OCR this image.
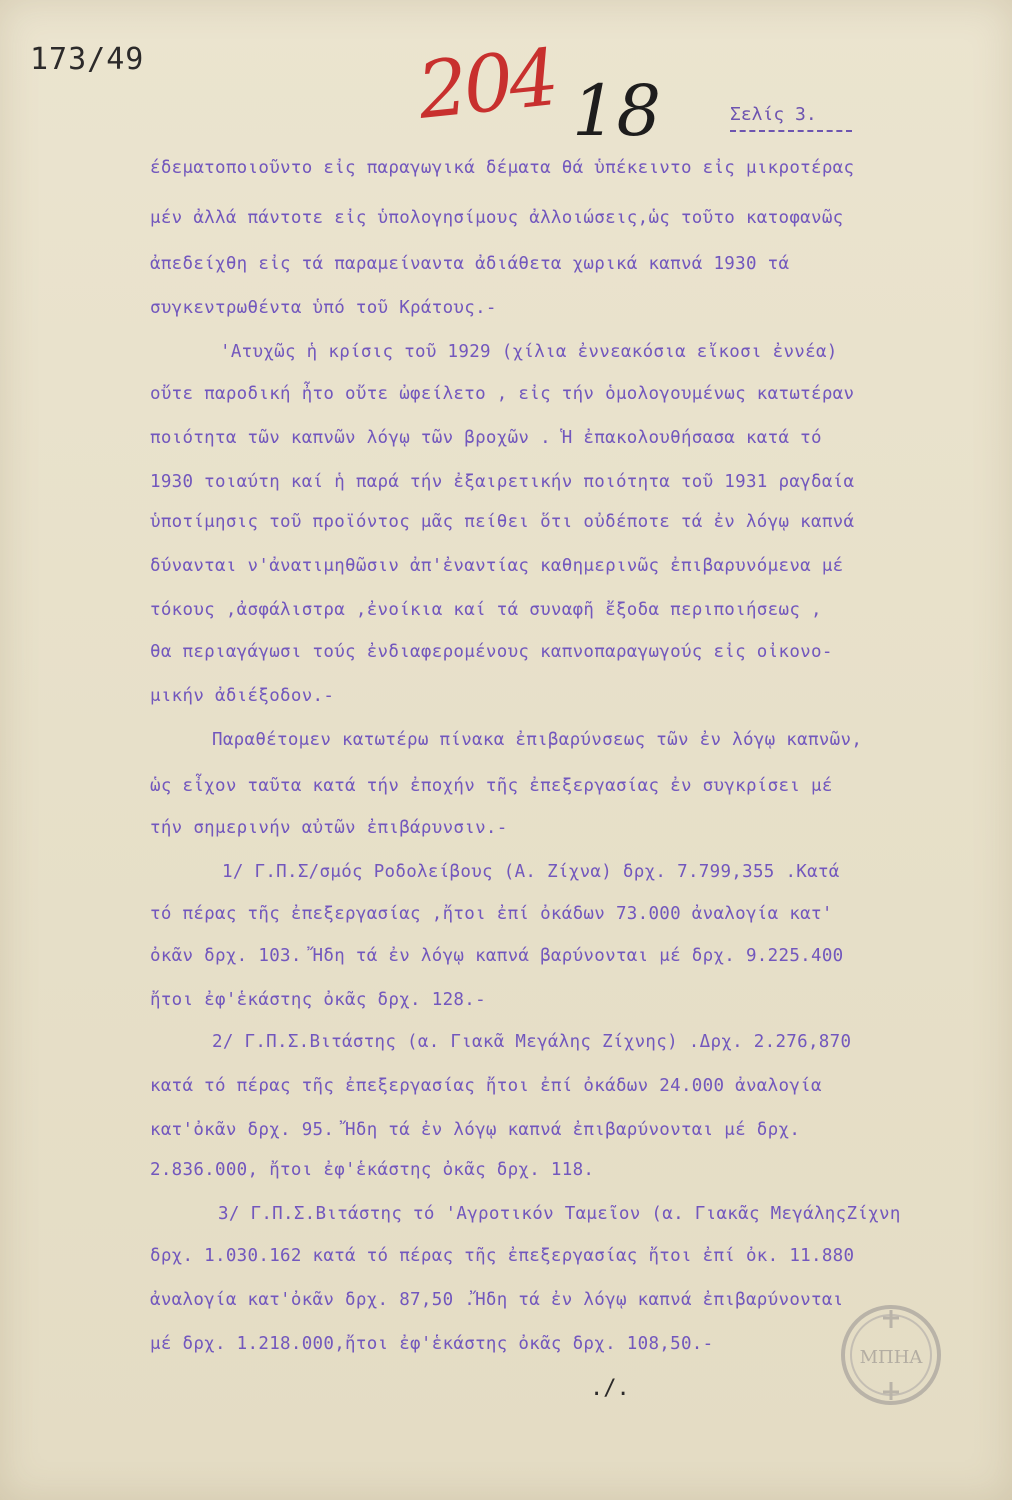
173/49	204 18	Σελίς 3.
έδεματοποιοῦντο εἰς παραγωγικά δέματα θά ὑπέκειντο εἰς μικροτέρας
μέν ἀλλά πάντοτε εἰς ὑπολογησίμους ἀλλοιώσεις,ὡς τοῦτο κατοφανῶς
ἀπεδείχθη εἰς τά παραμείναντα ἀδιάθετα χωρικά καπνά 1930 τά
συγκεντρωθέντα ὑπό τοῦ Κράτους.-
'Ατυχῶς ἡ κρίσις τοῦ 1929 (χίλια ἐννεακόσια εἴκοσι ἐννέα)
οὔτε παροδική ἦτο οὔτε ὠφείλετο , εἰς τήν ὁμολογουμένως κατωτέραν
ποιότητα τῶν καπνῶν λόγῳ τῶν βροχῶν . Ἡ ἐπακολουθήσασα κατά τό
1930 τοιαύτη καί ἡ παρά τήν ἐξαιρετικήν ποιότητα τοῦ 1931 ραγδαία
ὑποτίμησις τοῦ προϊόντος μᾶς πείθει ὅτι οὐδέποτε τά ἐν λόγῳ καπνά
δύνανται ν'ἀνατιμηθῶσιν ἀπ'ἐναντίας καθημερινῶς ἐπιβαρυνόμενα μέ
τόκους ,ἀσφάλιστρα ,ἐνοίκια καί τά συναφῆ ἔξοδα περιποιήσεως ,
θα περιαγάγωσι τούς ἐνδιαφερομένους καπνοπαραγωγούς εἰς οἰκονο-
μικήν ἀδιέξοδον.-
Παραθέτομεν κατωτέρω πίνακα ἐπιβαρύνσεως τῶν ἐν λόγῳ καπνῶν,
ὡς εἶχον ταῦτα κατά τήν ἐποχήν τῆς ἐπεξεργασίας ἐν συγκρίσει μέ
τήν σημερινήν αὐτῶν ἐπιβάρυνσιν.-
1/ Γ.Π.Σ/σμός Ροδολείβους (Α. Ζίχνα) δρχ. 7.799,355 .Κατά
τό πέρας τῆς ἐπεξεργασίας ,ἤτοι ἐπί ὀκάδων 73.000 ἀναλογία κατ'
ὀκᾶν δρχ. 103. Ἤδη τά ἐν λόγῳ καπνά βαρύνονται μέ δρχ. 9.225.400
ἤτοι ἐφ'ἑκάστης ὀκᾶς δρχ. 128.-
2/ Γ.Π.Σ.Βιτάστης (α. Γιακᾶ Μεγάλης Ζίχνης) .Δρχ. 2.276,870
κατά τό πέρας τῆς ἐπεξεργασίας ἤτοι ἐπί ὀκάδων 24.000 ἀναλογία
κατ'ὀκᾶν δρχ. 95. Ἤδη τά ἐν λόγῳ καπνά ἐπιβαρύνονται μέ δρχ.
2.836.000, ἤτοι ἐφ'ἑκάστης ὀκᾶς δρχ. 118.
3/ Γ.Π.Σ.Βιτάστης τό 'Αγροτικόν Ταμεῖον (α. Γιακᾶς ΜεγάληςΖίχνη
δρχ. 1.030.162 κατά τό πέρας τῆς ἐπεξεργασίας ἤτοι ἐπί ὀκ. 11.880
ἀναλογία κατ'ὀκᾶν δρχ. 87,50 .Ἤδη τά ἐν λόγῳ καπνά ἐπιβαρύνονται
μέ δρχ. 1.218.000,ἤτοι ἐφ'ἑκάστης ὀκᾶς δρχ. 108,50.-
ΜΠΗΑ
./.
